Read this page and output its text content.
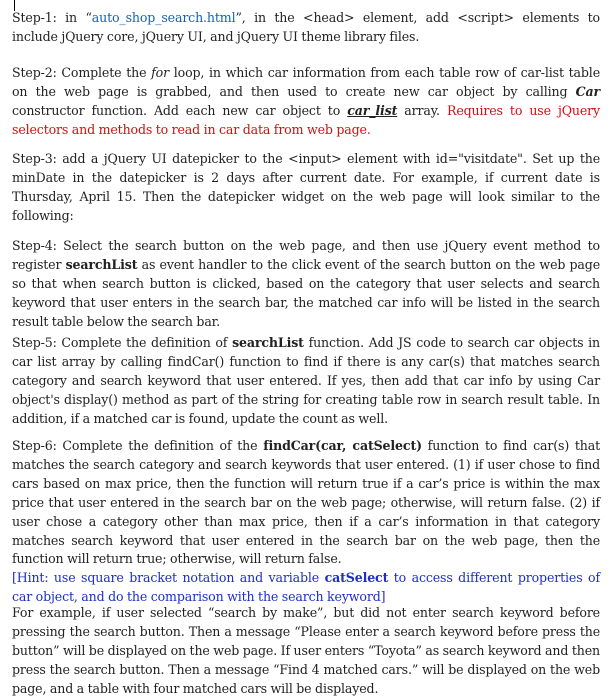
Step-1: in “auto_shop_search.html”, in the <head> element, add <script> elements to include jQuery core, jQuery UI, and jQuery UI theme library files.

Step-2: Complete the for loop, in which car information from each table row of car-list table on the web page is grabbed, and then used to create new car object by calling Car constructor function. Add each new car object to car_list array. Requires to use jQuery selectors and methods to read in car data from web page.

Step-3: add a jQuery UI datepicker to the <input> element with id="visitdate". Set up the minDate in the datepicker is 2 days after current date. For example, if current date is Thursday, April 15. Then the datepicker widget on the web page will look similar to the following:

Step-4: Select the search button on the web page, and then use jQuery event method to register searchList as event handler to the click event of the search button on the web page so that when search button is clicked, based on the category that user selects and search keyword that user enters in the search bar, the matched car info will be listed in the search result table below the search bar.

Step-5: Complete the definition of searchList function. Add JS code to search car objects in car list array by calling findCar() function to find if there is any car(s) that matches search category and search keyword that user entered. If yes, then add that car info by using Car object's display() method as part of the string for creating table row in search result table. In addition, if a matched car is found, update the count as well.

Step-6: Complete the definition of the findCar(car, catSelect) function to find car(s) that matches the search category and search keywords that user entered. (1) if user chose to find cars based on max price, then the function will return true if a car’s price is within the max price that user entered in the search bar on the web page; otherwise, will return false. (2) if user chose a category other than max price, then if a car’s information in that category matches search keyword that user entered in the search bar on the web page, then the function will return true; otherwise, will return false.
[Hint: use square bracket notation and variable catSelect to access different properties of car object, and do the comparison with the search keyword]

For example, if user selected “search by make”, but did not enter search keyword before pressing the search button. Then a message “Please enter a search keyword before press the button” will be displayed on the web page. If user enters “Toyota” as search keyword and then press the search button. Then a message “Find 4 matched cars.” will be displayed on the web page, and a table with four matched cars will be displayed.
